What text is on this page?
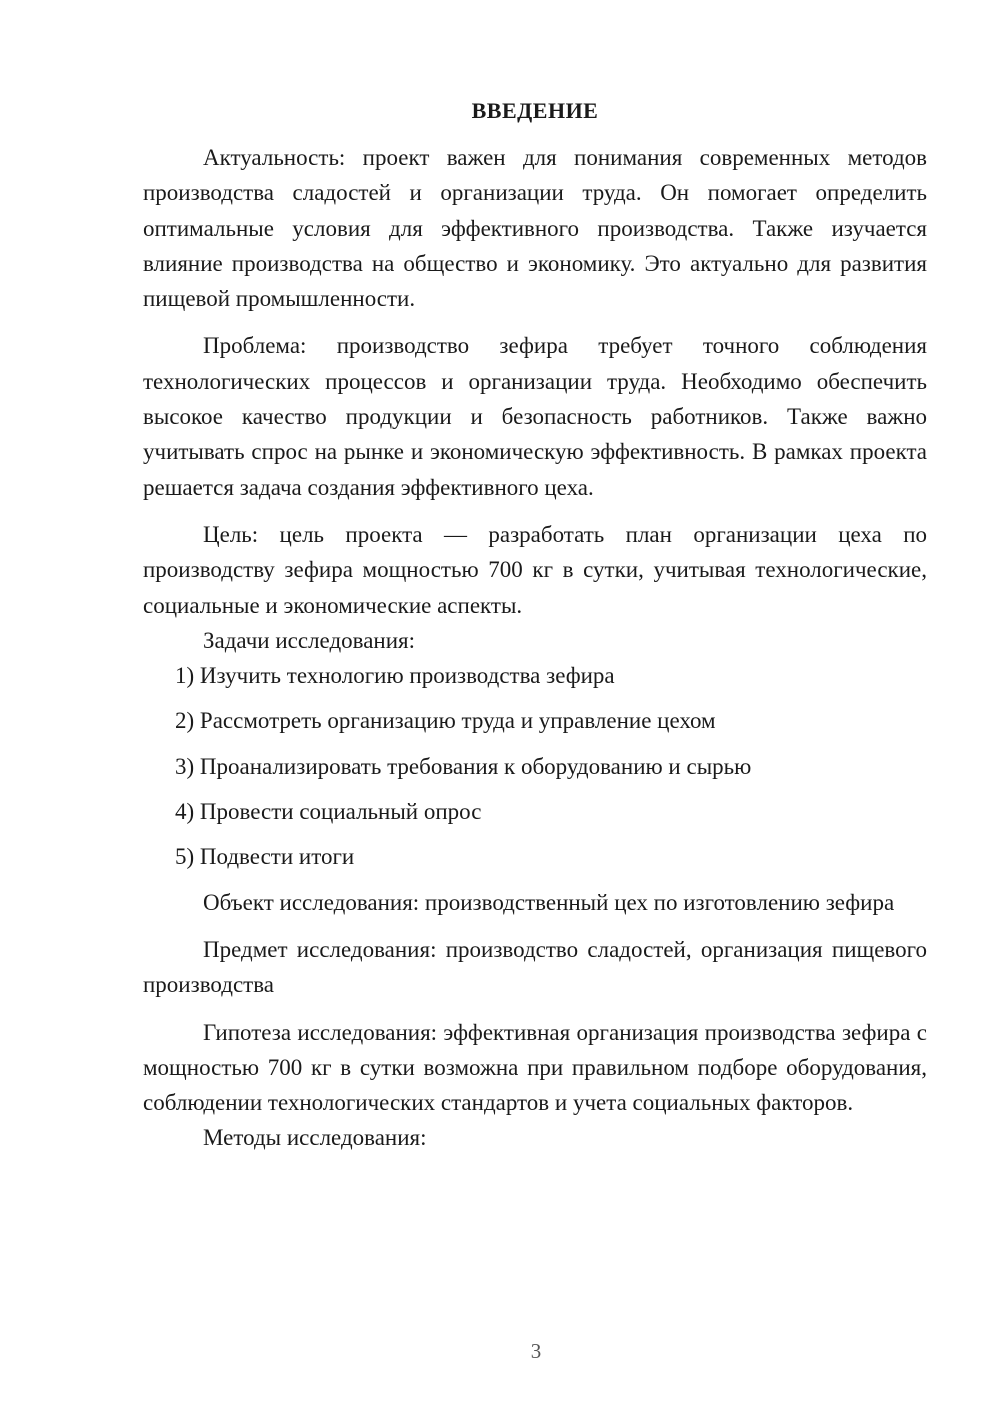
ВВЕДЕНИЕ

Актуальность: проект важен для понимания современных методов производства сладостей и организации труда. Он помогает определить оптимальные условия для эффективного производства. Также изучается влияние производства на общество и экономику. Это актуально для развития пищевой промышленности.

Проблема: производство зефира требует точного соблюдения технологических процессов и организации труда. Необходимо обеспечить высокое качество продукции и безопасность работников. Также важно учитывать спрос на рынке и экономическую эффективность. В рамках проекта решается задача создания эффективного цеха.

Цель: цель проекта — разработать план организации цеха по производству зефира мощностью 700 кг в сутки, учитывая технологические, социальные и экономические аспекты.

Задачи исследования:

1) Изучить технологию производства зефира
2) Рассмотреть организацию труда и управление цехом
3) Проанализировать требования к оборудованию и сырью
4) Провести социальный опрос
5) Подвести итоги

Объект исследования: производственный цех по изготовлению зефира

Предмет исследования: производство сладостей, организация пищевого производства

Гипотеза исследования: эффективная организация производства зефира с мощностью 700 кг в сутки возможна при правильном подборе оборудования, соблюдении технологических стандартов и учета социальных факторов.

Методы исследования:

3
